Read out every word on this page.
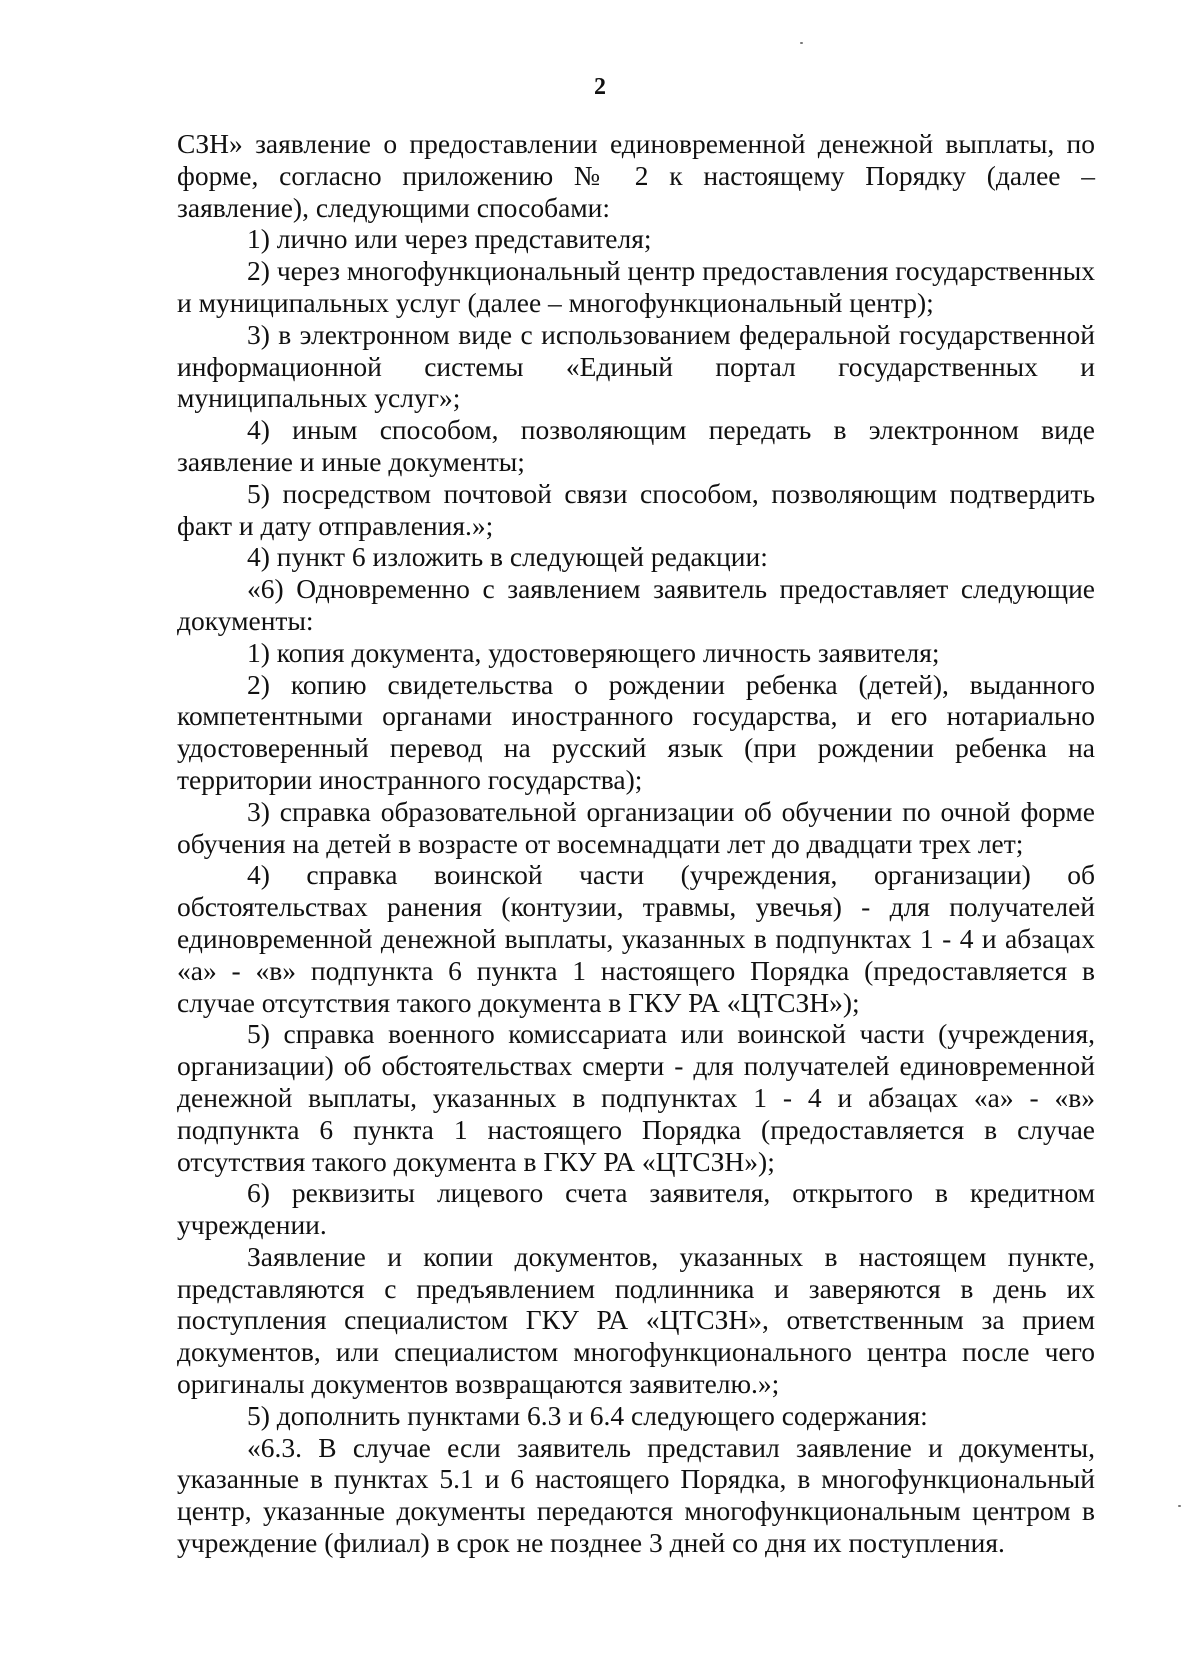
2

СЗН» заявление о предоставлении единовременной денежной выплаты, по форме, согласно приложению № 2 к настоящему Порядку (далее – заявление), следующими способами:

1) лично или через представителя;

2) через многофункциональный центр предоставления государственных и муниципальных услуг (далее – многофункциональный центр);

3) в электронном виде с использованием федеральной государственной информационной системы «Единый портал государственных и муниципальных услуг»;

4) иным способом, позволяющим передать в электронном виде заявление и иные документы;

5) посредством почтовой связи способом, позволяющим подтвердить факт и дату отправления.»;

4) пункт 6 изложить в следующей редакции:

«6) Одновременно с заявлением заявитель предоставляет следующие документы:

1) копия документа, удостоверяющего личность заявителя;

2) копию свидетельства о рождении ребенка (детей), выданного компетентными органами иностранного государства, и его нотариально удостоверенный перевод на русский язык (при рождении ребенка на территории иностранного государства);

3) справка образовательной организации об обучении по очной форме обучения на детей в возрасте от восемнадцати лет до двадцати трех лет;

4) справка воинской части (учреждения, организации) об обстоятельствах ранения (контузии, травмы, увечья) - для получателей единовременной денежной выплаты, указанных в подпунктах 1 - 4 и абзацах «а» - «в» подпункта 6 пункта 1 настоящего Порядка (предоставляется в случае отсутствия такого документа в ГКУ РА «ЦТСЗН»);

5) справка военного комиссариата или воинской части (учреждения, организации) об обстоятельствах смерти - для получателей единовременной денежной выплаты, указанных в подпунктах 1 - 4 и абзацах «а» - «в» подпункта 6 пункта 1 настоящего Порядка (предоставляется в случае отсутствия такого документа в ГКУ РА «ЦТСЗН»);

6) реквизиты лицевого счета заявителя, открытого в кредитном учреждении.

Заявление и копии документов, указанных в настоящем пункте, представляются с предъявлением подлинника и заверяются в день их поступления специалистом ГКУ РА «ЦТСЗН», ответственным за прием документов, или специалистом многофункционального центра после чего оригиналы документов возвращаются заявителю.»;

5) дополнить пунктами 6.3 и 6.4 следующего содержания:

«6.3. В случае если заявитель представил заявление и документы, указанные в пунктах 5.1 и 6 настоящего Порядка, в многофункциональный центр, указанные документы передаются многофункциональным центром в учреждение (филиал) в срок не позднее 3 дней со дня их поступления.
